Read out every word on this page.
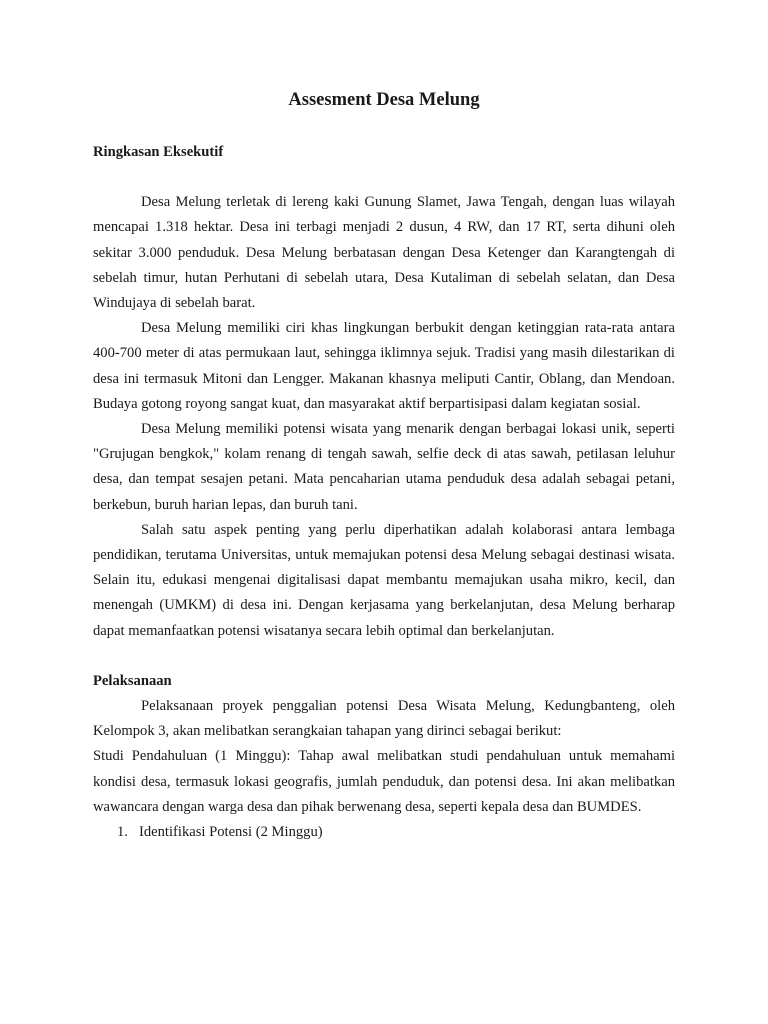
Assesment Desa Melung
Ringkasan Eksekutif

Desa Melung terletak di lereng kaki Gunung Slamet, Jawa Tengah, dengan luas wilayah mencapai 1.318 hektar. Desa ini terbagi menjadi 2 dusun, 4 RW, dan 17 RT, serta dihuni oleh sekitar 3.000 penduduk. Desa Melung berbatasan dengan Desa Ketenger dan Karangtengah di sebelah timur, hutan Perhutani di sebelah utara, Desa Kutaliman di sebelah selatan, dan Desa Windujaya di sebelah barat.

Desa Melung memiliki ciri khas lingkungan berbukit dengan ketinggian rata-rata antara 400-700 meter di atas permukaan laut, sehingga iklimnya sejuk. Tradisi yang masih dilestarikan di desa ini termasuk Mitoni dan Lengger. Makanan khasnya meliputi Cantir, Oblang, dan Mendoan. Budaya gotong royong sangat kuat, dan masyarakat aktif berpartisipasi dalam kegiatan sosial.

Desa Melung memiliki potensi wisata yang menarik dengan berbagai lokasi unik, seperti "Grujugan bengkok," kolam renang di tengah sawah, selfie deck di atas sawah, petilasan leluhur desa, dan tempat sesajen petani. Mata pencaharian utama penduduk desa adalah sebagai petani, berkebun, buruh harian lepas, dan buruh tani.

Salah satu aspek penting yang perlu diperhatikan adalah kolaborasi antara lembaga pendidikan, terutama Universitas, untuk memajukan potensi desa Melung sebagai destinasi wisata. Selain itu, edukasi mengenai digitalisasi dapat membantu memajukan usaha mikro, kecil, dan menengah (UMKM) di desa ini. Dengan kerjasama yang berkelanjutan, desa Melung berharap dapat memanfaatkan potensi wisatanya secara lebih optimal dan berkelanjutan.

Pelaksanaan

Pelaksanaan proyek penggalian potensi Desa Wisata Melung, Kedungbanteng, oleh Kelompok 3, akan melibatkan serangkaian tahapan yang dirinci sebagai berikut:

Studi Pendahuluan (1 Minggu): Tahap awal melibatkan studi pendahuluan untuk memahami kondisi desa, termasuk lokasi geografis, jumlah penduduk, dan potensi desa. Ini akan melibatkan wawancara dengan warga desa dan pihak berwenang desa, seperti kepala desa dan BUMDES.

1. Identifikasi Potensi (2 Minggu)
